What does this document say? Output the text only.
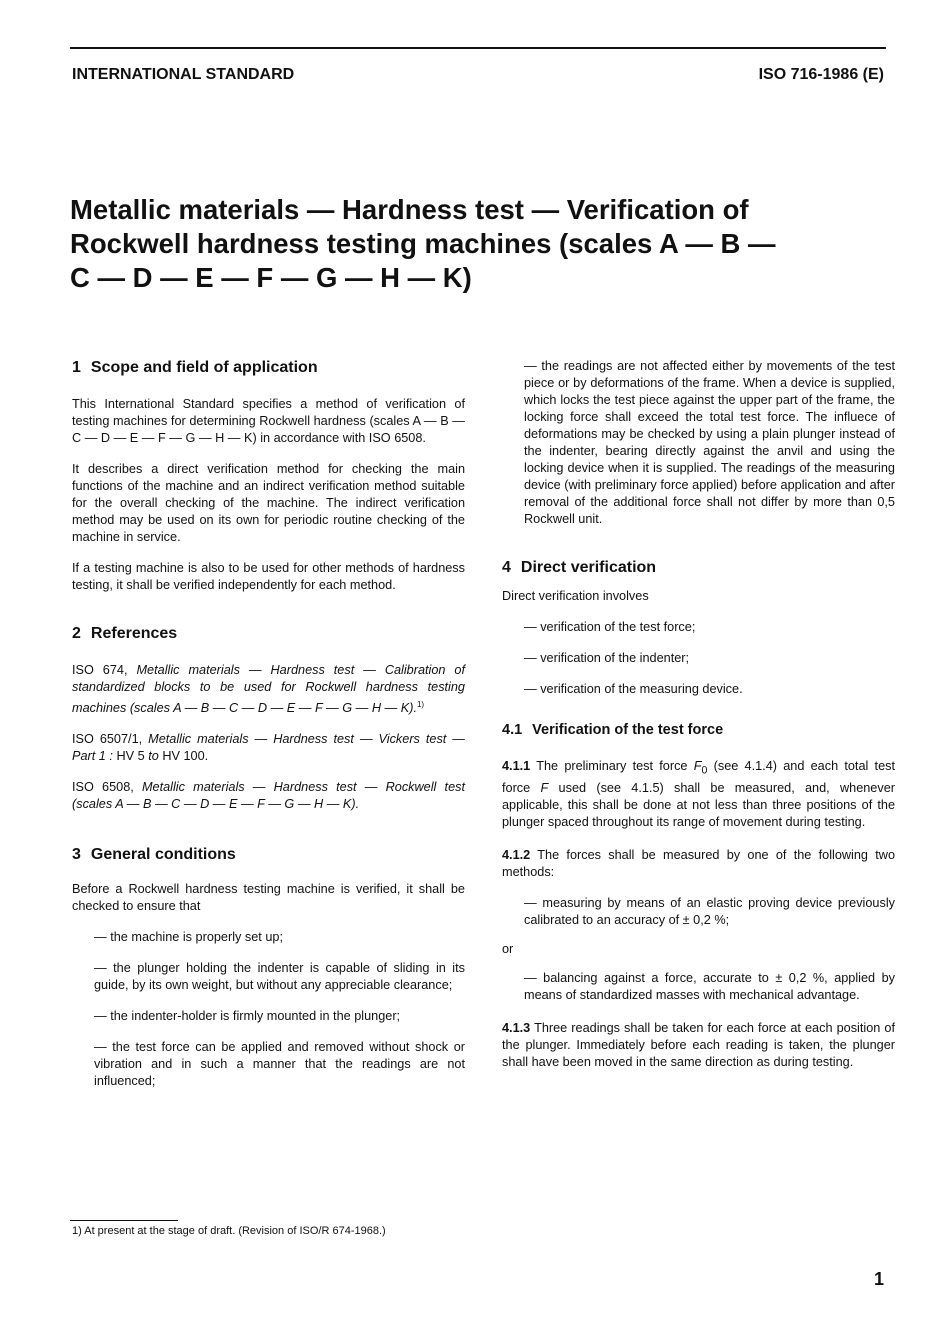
INTERNATIONAL STANDARD	ISO 716-1986 (E)
Metallic materials — Hardness test — Verification of
Rockwell hardness testing machines (scales A — B —
C — D — E — F — G — H — K)
1 Scope and field of application

This International Standard specifies a method of verification of testing machines for determining Rockwell hardness (scales A — B — C — D — E — F — G — H — K) in accordance with ISO 6508.

It describes a direct verification method for checking the main functions of the machine and an indirect verification method suitable for the overall checking of the machine. The indirect verification method may be used on its own for periodic routine checking of the machine in service.

If a testing machine is also to be used for other methods of hardness testing, it shall be verified independently for each method.

2 References

ISO 674, Metallic materials — Hardness test — Calibration of standardized blocks to be used for Rockwell hardness testing machines (scales A — B — C — D — E — F — G — H — K).$^{1)}$

ISO 6507/1, Metallic materials — Hardness test — Vickers test — Part 1 : HV 5 to HV 100.

ISO 6508, Metallic materials — Hardness test — Rockwell test (scales A — B — C — D — E — F — G — H — K).

3 General conditions

Before a Rockwell hardness testing machine is verified, it shall be checked to ensure that

— the machine is properly set up;

— the plunger holding the indenter is capable of sliding in its guide, by its own weight, but without any appreciable clearance;

— the indenter-holder is firmly mounted in the plunger;

— the test force can be applied and removed without shock or vibration and in such a manner that the readings are not influenced;

— the readings are not affected either by movements of the test piece or by deformations of the frame. When a device is supplied, which locks the test piece against the upper part of the frame, the locking force shall exceed the total test force. The influece of deformations may be checked by using a plain plunger instead of the indenter, bearing directly against the anvil and using the locking device when it is supplied. The readings of the measuring device (with preliminary force applied) before application and after removal of the additional force shall not differ by more than 0,5 Rockwell unit.

4 Direct verification

Direct verification involves

— verification of the test force;

— verification of the indenter;

— verification of the measuring device.

4.1 Verification of the test force

4.1.1 The preliminary test force $F_0$ (see 4.1.4) and each total test force F used (see 4.1.5) shall be measured, and, whenever applicable, this shall be done at not less than three positions of the plunger spaced throughout its range of movement during testing.

4.1.2 The forces shall be measured by one of the following two methods:

— measuring by means of an elastic proving device previously calibrated to an accuracy of ± 0,2 %;

or

— balancing against a force, accurate to ± 0,2 %, applied by means of standardized masses with mechanical advantage.

4.1.3 Three readings shall be taken for each force at each position of the plunger. Immediately before each reading is taken, the plunger shall have been moved in the same direction as during testing.

1) At present at the stage of draft. (Revision of ISO/R 674-1968.)
1
